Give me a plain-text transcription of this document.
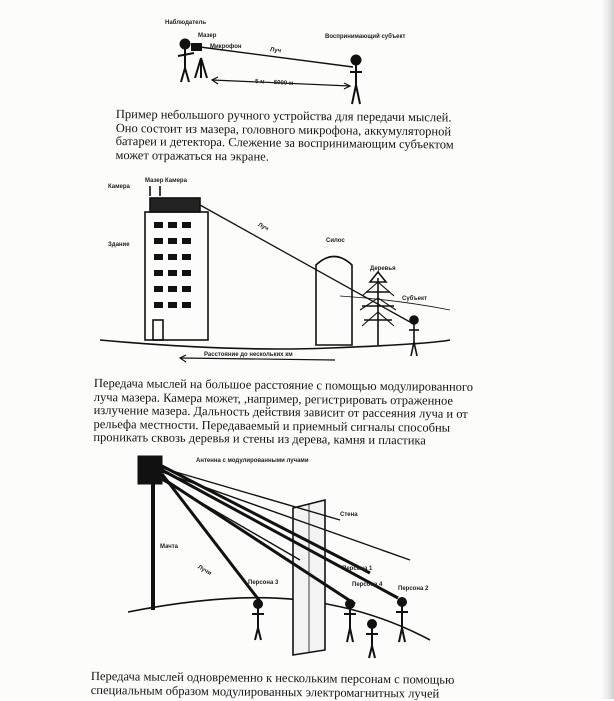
Наблюдатель
Мазер
Микрофон
Луч
Воспринимающий субъект
5 м — 5000 м
Пример небольшого ручного устройства для передачи мыслей.
Оно состоит из мазера, головного микрофона, аккумуляторной
батареи и детектора. Слежение за воспринимающим субъектом
может отражаться на экране.
Камера
Мазер Камера
Здание
Луч
Силос
Деревья
Субъект
Расстояние до нескольких км
Передача мыслей на большое расстояние с помощью модулированного
луча мазера. Камера может, ,например, регистрировать отраженное
излучение мазера. Дальность действия зависит от рассеяния луча и от
рельефа местности. Передаваемый и приемный сигналы способны
проникать сквозь деревья и стены из дерева, камня и пластика
Антенна с модулированными лучами
Мачта
Лучи
Стена
Персона 3
Персона 1
Персона 2
Персона 4
Передача мыслей одновременно к нескольким персонам с помощью
специальным образом модулированных электромагнитных лучей
